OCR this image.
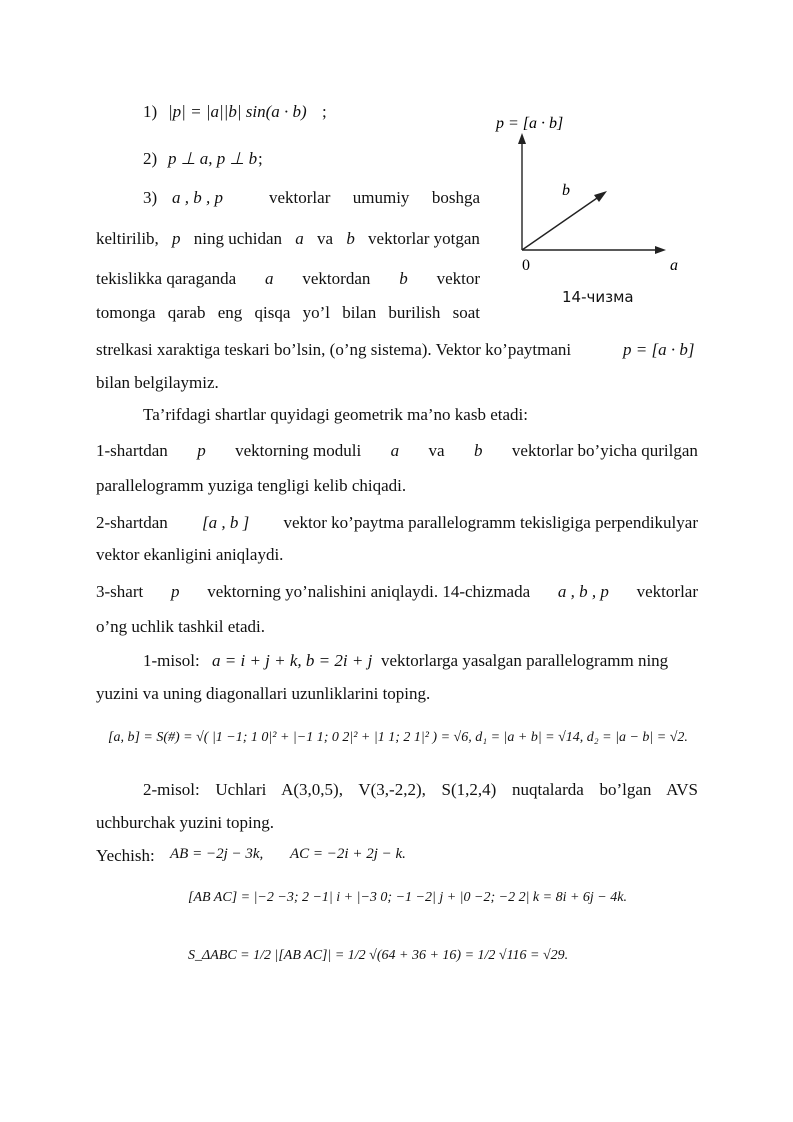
1) |p| = |a||b| sin(a · b) ;
2) p ⊥ a, p ⊥ b ;
3) a , b , p	vektorlar umumiy boshga
keltirilib, p ning uchidan a va b vektorlar yotgan
tekislikka qaraganda a vektordan b vektor
tomonga qarab eng qisqa yo’l bilan burilish soat
strelkasi xaraktiga teskari bo’lsin, (o’ng sistema). Vektor ko’paytmani	p = [a · b]
bilan belgilaymiz.
p = [a · b]
b
0	a
14-чизма
Ta’rifdagi shartlar quyidagi geometrik ma’no kasb etadi:
1-shartdan p vektorning moduli a va b vektorlar bo’yicha qurilgan
parallelogramm yuziga tengligi kelib chiqadi.
2-shartdan [a , b ] vektor ko’paytma parallelogramm tekisligiga perpendikulyar
vektor ekanligini aniqlaydi.
3-shart p vektorning yo’nalishini aniqlaydi. 14-chizmada a , b , p vektorlar
o’ng uchlik tashkil etadi.
1-misol: a = i + j + k, b = 2i + j vektorlarga yasalgan parallelogramm ning
yuzini va uning diagonallari uzunliklarini toping.
[a, b] = S(#) = √( |1 −1; 1 0|² + |−1 1; 0 2|² + |1 1; 2 1|² ) = √6, d₁ = |a + b| = √14, d₂ = |a − b| = √2.
2-misol: Uchlari A(3,0,5), V(3,-2,2), S(1,2,4) nuqtalarda bo’lgan AVS
uchburchak yuzini toping.
Yechish: AB = −2j − 3k, AC = −2i + 2j − k.
[AB AC] = |−2 −3; 2 −1| i + |−3 0; −1 −2| j + |0 −2; −2 2| k = 8i + 6j − 4k.
S_ΔABC = 1/2 |[AB AC]| = 1/2 √(64 + 36 + 16) = 1/2 √116 = √29.
